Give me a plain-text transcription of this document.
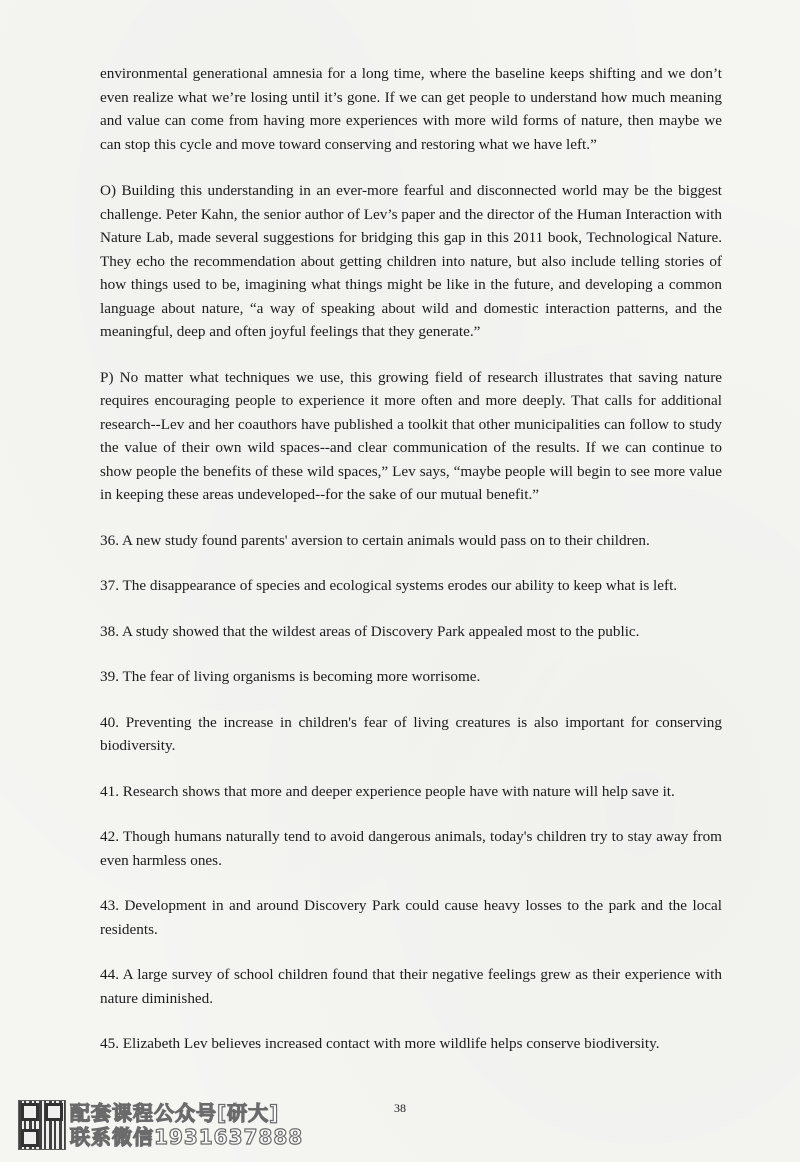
environmental generational amnesia for a long time, where the baseline keeps shifting and we don’t even realize what we’re losing until it’s gone. If we can get people to understand how much meaning and value can come from having more experiences with more wild forms of nature, then maybe we can stop this cycle and move toward conserving and restoring what we have left.”

O) Building this understanding in an ever-more fearful and disconnected world may be the biggest challenge. Peter Kahn, the senior author of Lev’s paper and the director of the Human Interaction with Nature Lab, made several suggestions for bridging this gap in this 2011 book, Technological Nature. They echo the recommendation about getting children into nature, but also include telling stories of how things used to be, imagining what things might be like in the future, and developing a common language about nature, “a way of speaking about wild and domestic interaction patterns, and the meaningful, deep and often joyful feelings that they generate.”

P) No matter what techniques we use, this growing field of research illustrates that saving nature requires encouraging people to experience it more often and more deeply. That calls for additional research--Lev and her coauthors have published a toolkit that other municipalities can follow to study the value of their own wild spaces--and clear communication of the results. If we can continue to show people the benefits of these wild spaces,” Lev says, “maybe people will begin to see more value in keeping these areas undeveloped--for the sake of our mutual benefit.”

36. A new study found parents' aversion to certain animals would pass on to their children.

37. The disappearance of species and ecological systems erodes our ability to keep what is left.

38. A study showed that the wildest areas of Discovery Park appealed most to the public.

39. The fear of living organisms is becoming more worrisome.

40. Preventing the increase in children's fear of living creatures is also important for conserving biodiversity.

41. Research shows that more and deeper experience people have with nature will help save it.

42. Though humans naturally tend to avoid dangerous animals, today's children try to stay away from even harmless ones.

43. Development in and around Discovery Park could cause heavy losses to the park and the local residents.

44. A large survey of school children found that their negative feelings grew as their experience with nature diminished.

45. Elizabeth Lev believes increased contact with more wildlife helps conserve biodiversity.

38
配套课程公众号[研大]
联系微信1931637888
